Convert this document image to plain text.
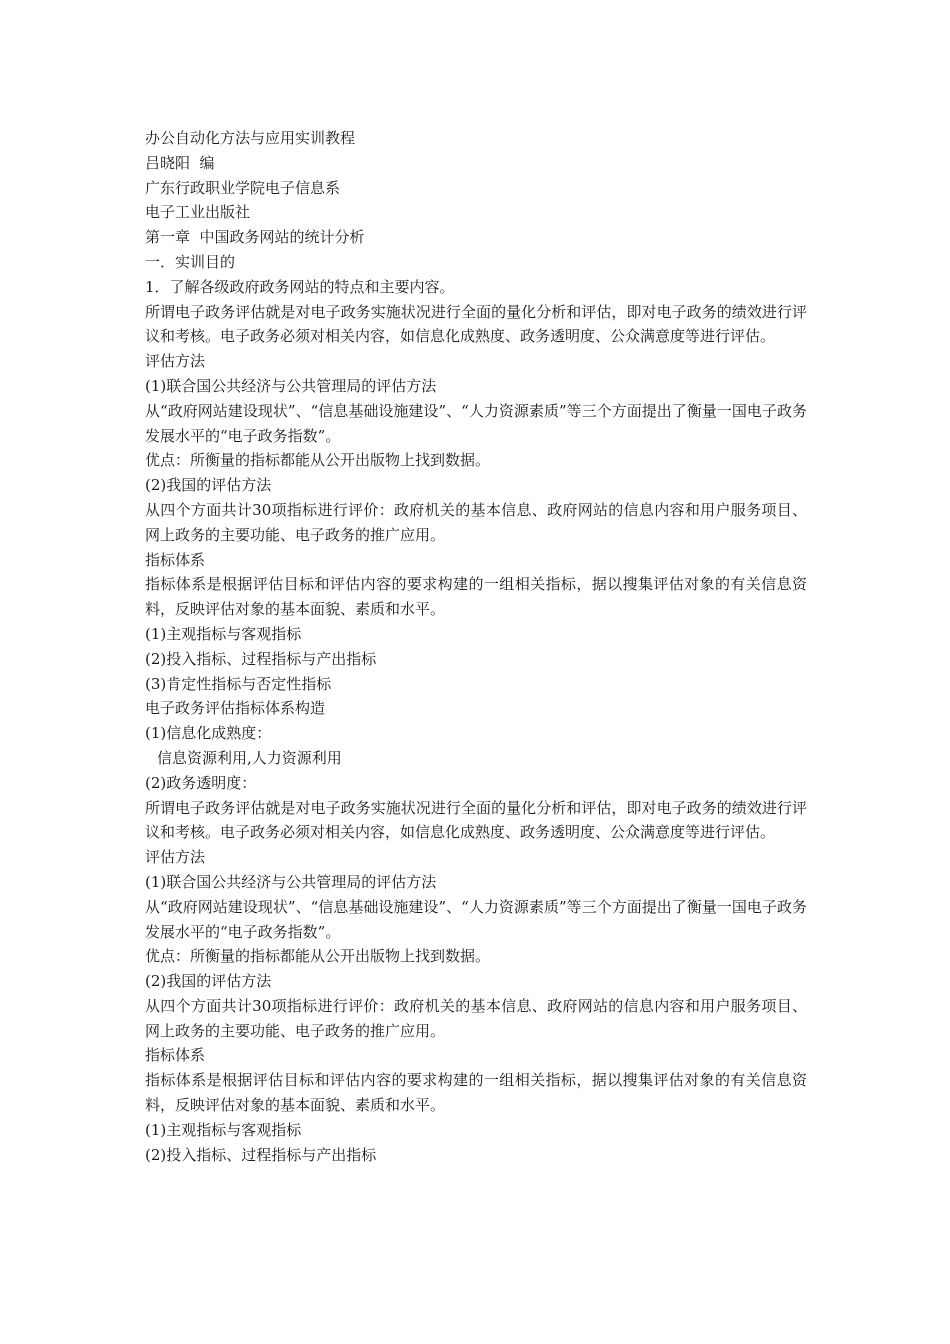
办公自动化方法与应用实训教程

吕晓阳  编

广东行政职业学院电子信息系

电子工业出版社

第一章  中国政务网站的统计分析

一．实训目的

1．了解各级政府政务网站的特点和主要内容。

所谓电子政务评估就是对电子政务实施状况进行全面的量化分析和评估，即对电子政务的绩效进行评议和考核。电子政务必须对相关内容，如信息化成熟度、政务透明度、公众满意度等进行评估。

评估方法

(1)联合国公共经济与公共管理局的评估方法

从“政府网站建设现状”、“信息基础设施建设”、“人力资源素质”等三个方面提出了衡量一国电子政务发展水平的“电子政务指数”。

优点：所衡量的指标都能从公开出版物上找到数据。

(2)我国的评估方法

从四个方面共计30项指标进行评价：政府机关的基本信息、政府网站的信息内容和用户服务项目、网上政务的主要功能、电子政务的推广应用。

指标体系

指标体系是根据评估目标和评估内容的要求构建的一组相关指标，据以搜集评估对象的有关信息资料，反映评估对象的基本面貌、素质和水平。

(1)主观指标与客观指标

(2)投入指标、过程指标与产出指标

(3)肯定性指标与否定性指标

电子政务评估指标体系构造

(1)信息化成熟度：

信息资源利用,人力资源利用

(2)政务透明度：

所谓电子政务评估就是对电子政务实施状况进行全面的量化分析和评估，即对电子政务的绩效进行评议和考核。电子政务必须对相关内容，如信息化成熟度、政务透明度、公众满意度等进行评估。

评估方法

(1)联合国公共经济与公共管理局的评估方法

从“政府网站建设现状”、“信息基础设施建设”、“人力资源素质”等三个方面提出了衡量一国电子政务发展水平的“电子政务指数”。

优点：所衡量的指标都能从公开出版物上找到数据。

(2)我国的评估方法

从四个方面共计30项指标进行评价：政府机关的基本信息、政府网站的信息内容和用户服务项目、网上政务的主要功能、电子政务的推广应用。

指标体系

指标体系是根据评估目标和评估内容的要求构建的一组相关指标，据以搜集评估对象的有关信息资料，反映评估对象的基本面貌、素质和水平。

(1)主观指标与客观指标

(2)投入指标、过程指标与产出指标
